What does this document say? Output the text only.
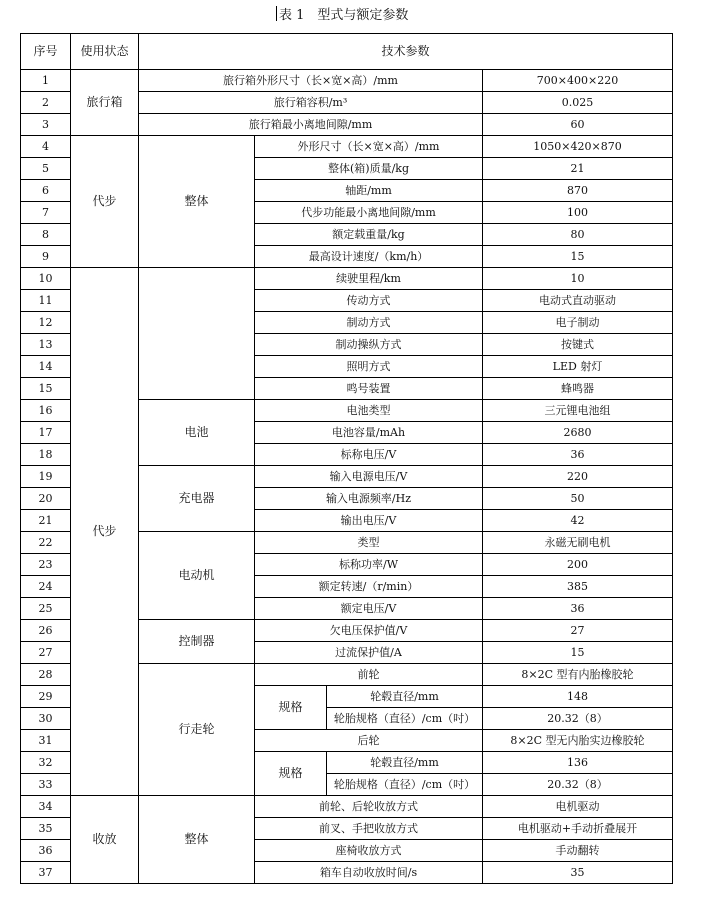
表 1　型式与额定参数
序号	使用状态	技术参数			
1	旅行箱	旅行箱外形尺寸（长×宽×高）/mm			700×400×220
2		旅行箱容积/m³			0.025
3		旅行箱最小离地间隙/mm			60
4	代步	整体	外形尺寸（长×宽×高）/mm		1050×420×870
5			整体(箱)质量/kg		21
6			轴距/mm		870
7			代步功能最小离地间隙/mm		100
8			额定载重量/kg		80
9			最高设计速度/（km/h）		15
10	代步		续驶里程/km		10
11			传动方式		电动式直动驱动
12			制动方式		电子制动
13			制动操纵方式		按键式
14			照明方式		LED 射灯
15			鸣号装置		蜂鸣器
16		电池	电池类型		三元锂电池组
17			电池容量/mAh		2680
18			标称电压/V		36
19		充电器	输入电源电压/V		220
20			输入电源频率/Hz		50
21			输出电压/V		42
22		电动机	类型		永磁无刷电机
23			标称功率/W		200
24			额定转速/（r/min）		385
25			额定电压/V		36
26		控制器	欠电压保护值/V		27
27			过流保护值/A		15
28		行走轮	前轮		8×2C 型有内胎橡胶轮
29			规格	轮毂直径/mm	148
30				轮胎规格（直径）/cm（吋）	20.32（8）
31			后轮		8×2C 型无内胎实边橡胶轮
32			规格	轮毂直径/mm	136
33				轮胎规格（直径）/cm（吋）	20.32（8）
34	收放	整体	前轮、后轮收放方式		电机驱动
35			前叉、手把收放方式		电机驱动+手动折叠展开
36			座椅收放方式		手动翻转
37			箱车自动收放时间/s		35
